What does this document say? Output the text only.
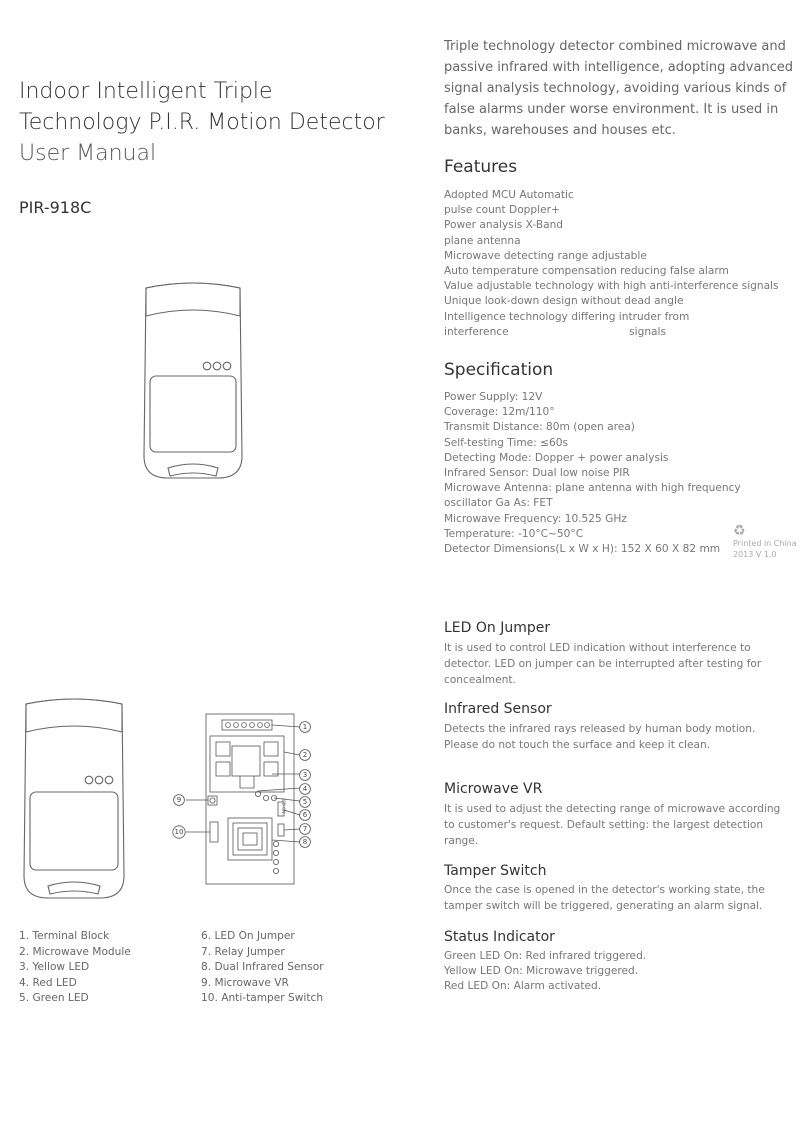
Indoor Intelligent Triple
Technology P.I.R. Motion Detector
User Manual
PIR-918C
LED ON
1
2
3
4
5
6
7
8
9
10
1. Terminal Block
2. Microwave Module
3. Yellow LED
4. Red LED
5. Green LED
6. LED On Jumper
7. Relay Jumper
8. Dual Infrared Sensor
9. Microwave VR
10. Anti-tamper Switch
Triple technology detector combined microwave and passive infrared with intelligence, adopting advanced signal analysis technology, avoiding various kinds of false alarms under worse environment. It is used in banks, warehouses and houses etc.
Features
Adopted MCU Automatic
pulse count Doppler+
Power analysis X-Band
plane antenna
Microwave detecting range adjustable
Auto temperature compensation reducing false alarm
Value adjustable technology with high anti-interference signals
Unique look-down design without dead angle
Intelligence technology differing intruder from
interference	signals
Specification
Power Supply: 12V
Coverage: 12m/110°
Transmit Distance: 80m (open area)
Self-testing Time: ≤60s
Detecting Mode: Dopper + power analysis
Infrared Sensor: Dual low noise PIR
Microwave Antenna: plane antenna with high frequency
oscillator Ga As: FET
Microwave Frequency: 10.525 GHz
Temperature: -10°C~50°C
Detector Dimensions(L x W x H): 152 X 60 X 82 mm
♻
Printed in China
2013 V 1.0
LED On Jumper
It is used to control LED indication without interference to detector. LED on jumper can be interrupted after testing for concealment.
Infrared Sensor
Detects the infrared rays released by human body motion. Please do not touch the surface and keep it clean.
Microwave VR
It is used to adjust the detecting range of microwave according to customer's request. Default setting: the largest detection range.
Tamper Switch
Once the case is opened in the detector's working state, the tamper switch will be triggered, generating an alarm signal.
Status Indicator
Green LED On: Red infrared triggered.
Yellow LED On: Microwave triggered.
Red LED On: Alarm activated.
